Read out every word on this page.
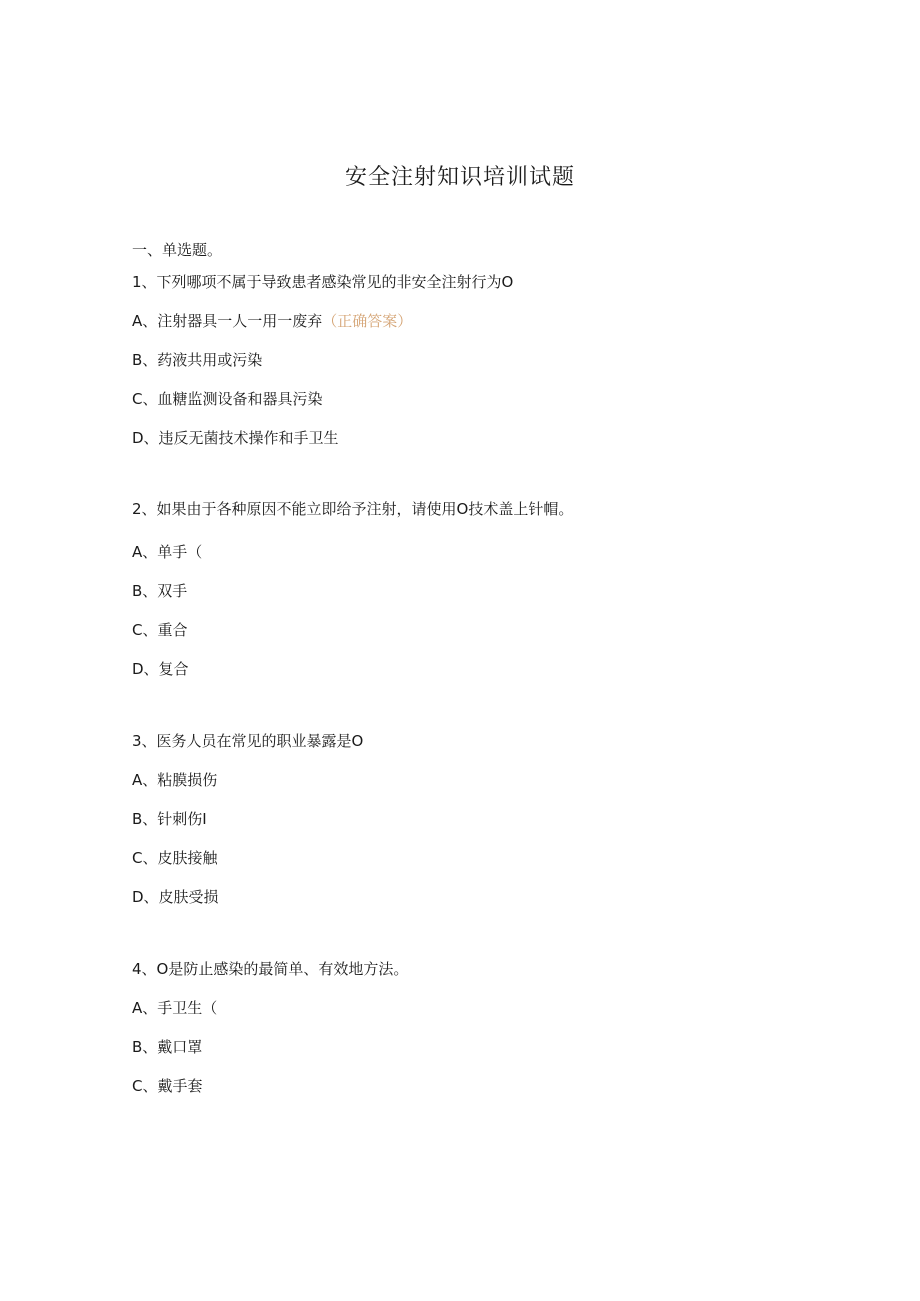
安全注射知识培训试题
一、单选题。
1、下列哪项不属于导致患者感染常见的非安全注射行为O
A、注射器具一人一用一废弃（正确答案）
B、药液共用或污染
C、血糖监测设备和器具污染
D、违反无菌技术操作和手卫生
2、如果由于各种原因不能立即给予注射，请使用O技术盖上针帽。
A、单手（
B、双手
C、重合
D、复合
3、医务人员在常见的职业暴露是O
A、粘膜损伤
B、针刺伤I
C、皮肤接触
D、皮肤受损
4、O是防止感染的最简单、有效地方法。
A、手卫生（
B、戴口罩
C、戴手套
